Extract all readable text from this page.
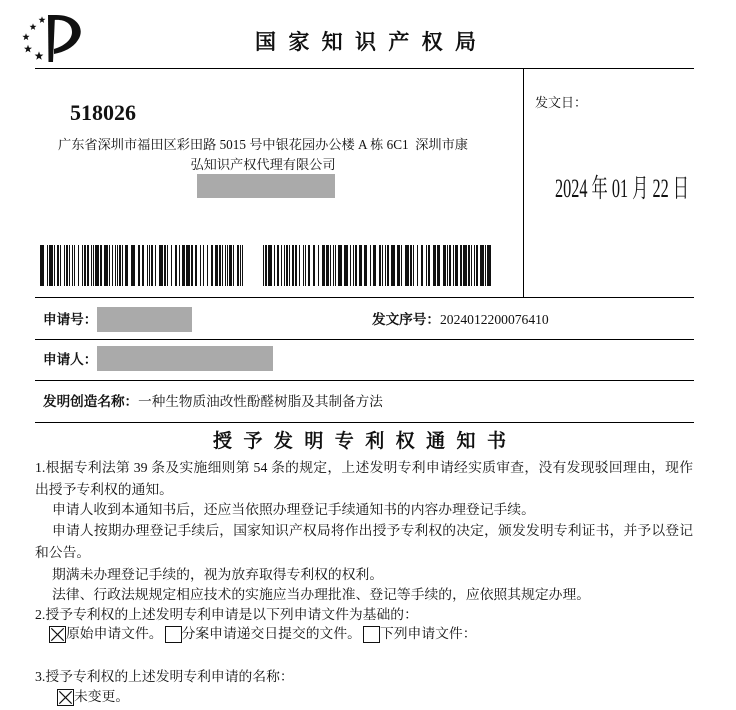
国家知识产权局
518026
广东省深圳市福田区彩田路 5015 号中银花园办公楼 A 栋 6C1  深圳市康
弘知识产权代理有限公司
发文日：
2024 年 01 月 22 日
申请号：	发文序号：2024012200076410
申请人：
发明创造名称：一种生物质油改性酚醛树脂及其制备方法
授予发明专利权通知书
1.根据专利法第 39 条及实施细则第 54 条的规定，上述发明专利申请经实质审查，没有发现驳回理由，现作
出授予专利权的通知。
申请人收到本通知书后，还应当依照办理登记手续通知书的内容办理登记手续。
申请人按期办理登记手续后，国家知识产权局将作出授予专利权的决定，颁发发明专利证书，并予以登记
和公告。
期满未办理登记手续的，视为放弃取得专利权的权利。
法律、行政法规规定相应技术的实施应当办理批准、登记等手续的，应依照其规定办理。
2.授予专利权的上述发明专利申请是以下列申请文件为基础的：
原始申请文件。 分案申请递交日提交的文件。 下列申请文件：
3.授予专利权的上述发明专利申请的名称：
未变更。
